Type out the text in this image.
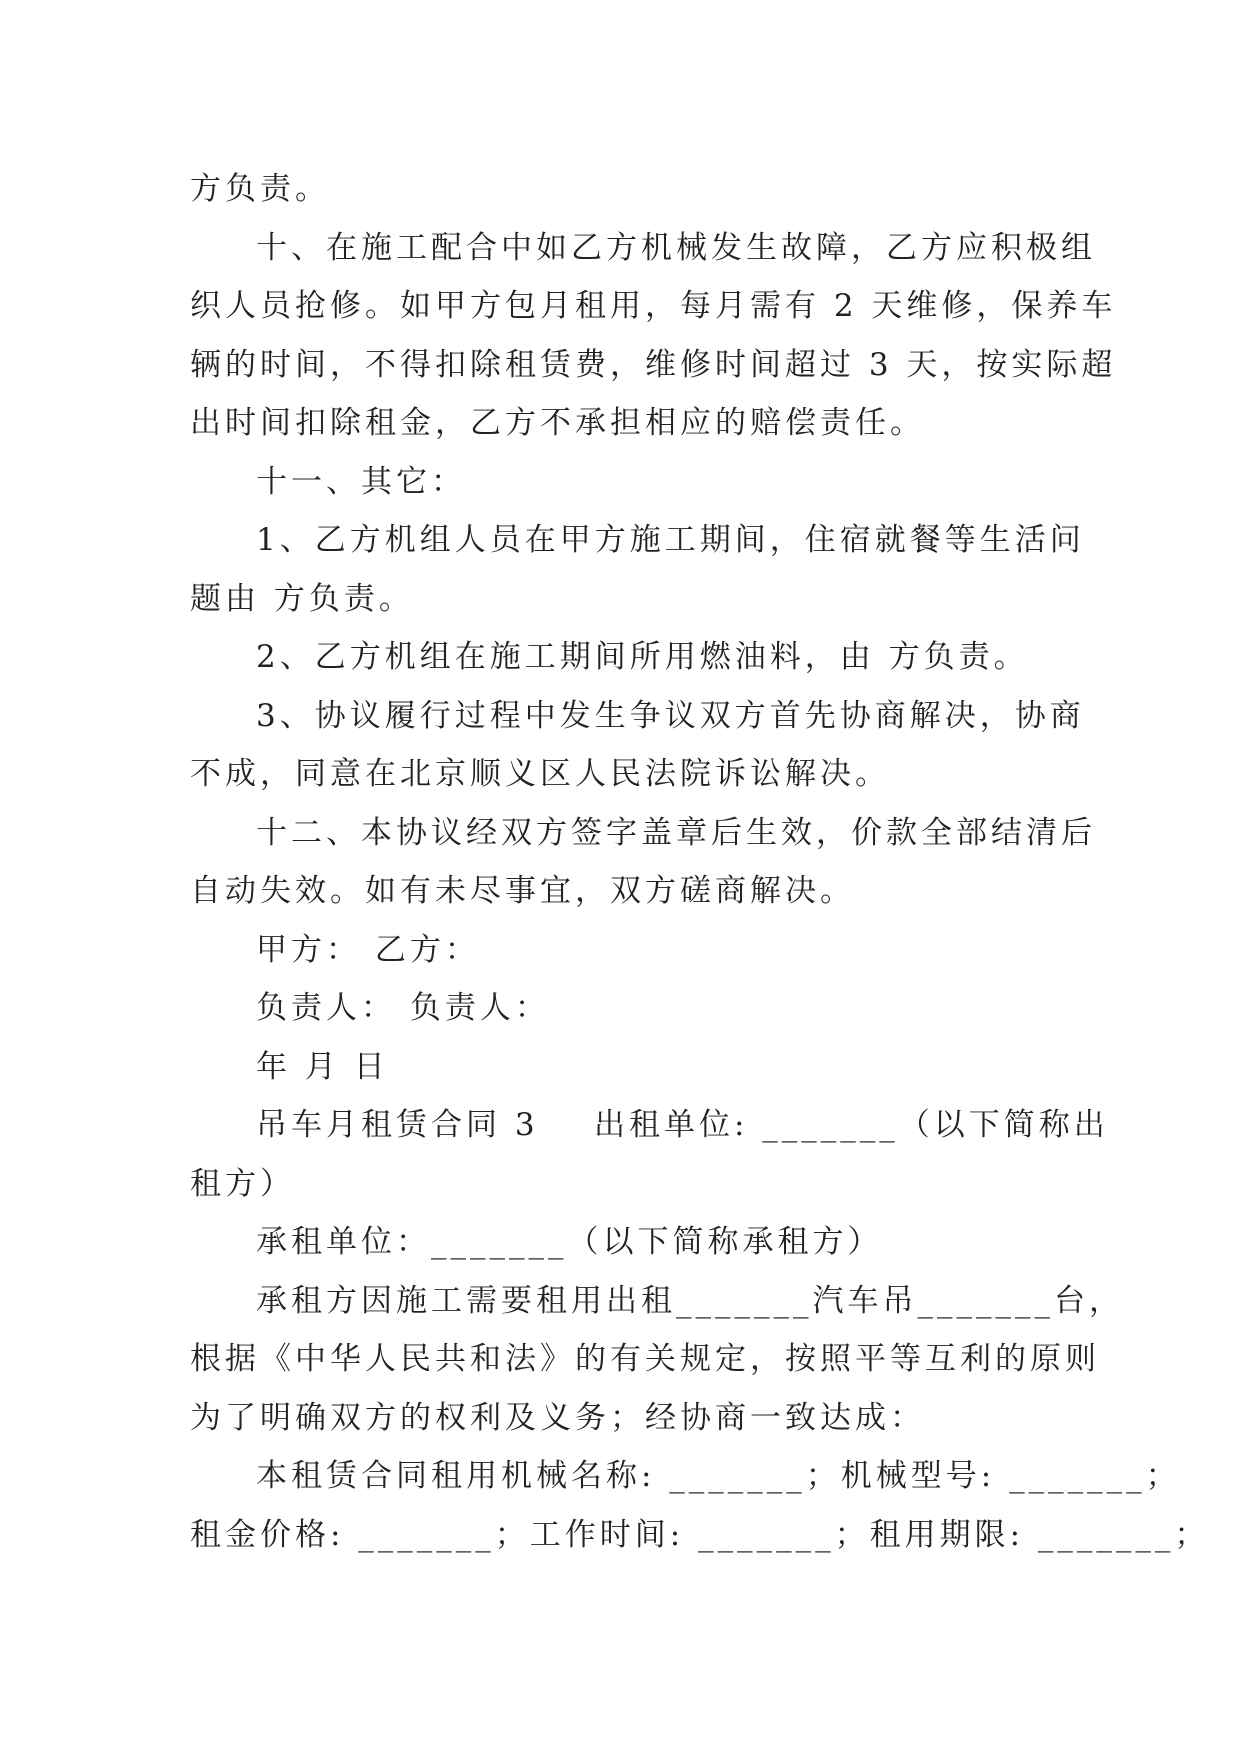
方负责。
十、在施工配合中如乙方机械发生故障，乙方应积极组
织人员抢修。如甲方包月租用，每月需有 2 天维修，保养车
辆的时间，不得扣除租赁费，维修时间超过 3 天，按实际超
出时间扣除租金，乙方不承担相应的赔偿责任。
十一、其它：
1、乙方机组人员在甲方施工期间，住宿就餐等生活问
题由 方负责。
2、乙方机组在施工期间所用燃油料，由 方负责。
3、协议履行过程中发生争议双方首先协商解决，协商
不成，同意在北京顺义区人民法院诉讼解决。
十二、本协议经双方签字盖章后生效，价款全部结清后
自动失效。如有未尽事宜，双方磋商解决。
甲方： 乙方：
负责人： 负责人：
年 月 日
吊车月租赁合同 3    出租单位: _______（以下简称出
租方）
承租单位：_______（以下简称承租方）
承租方因施工需要租用出租_______汽车吊_______台，
根据《中华人民共和法》的有关规定，按照平等互利的原则
为了明确双方的权利及义务；经协商一致达成：
本租赁合同租用机械名称: _______；机械型号: _______；
租金价格: _______；工作时间: _______；租用期限: _______；
